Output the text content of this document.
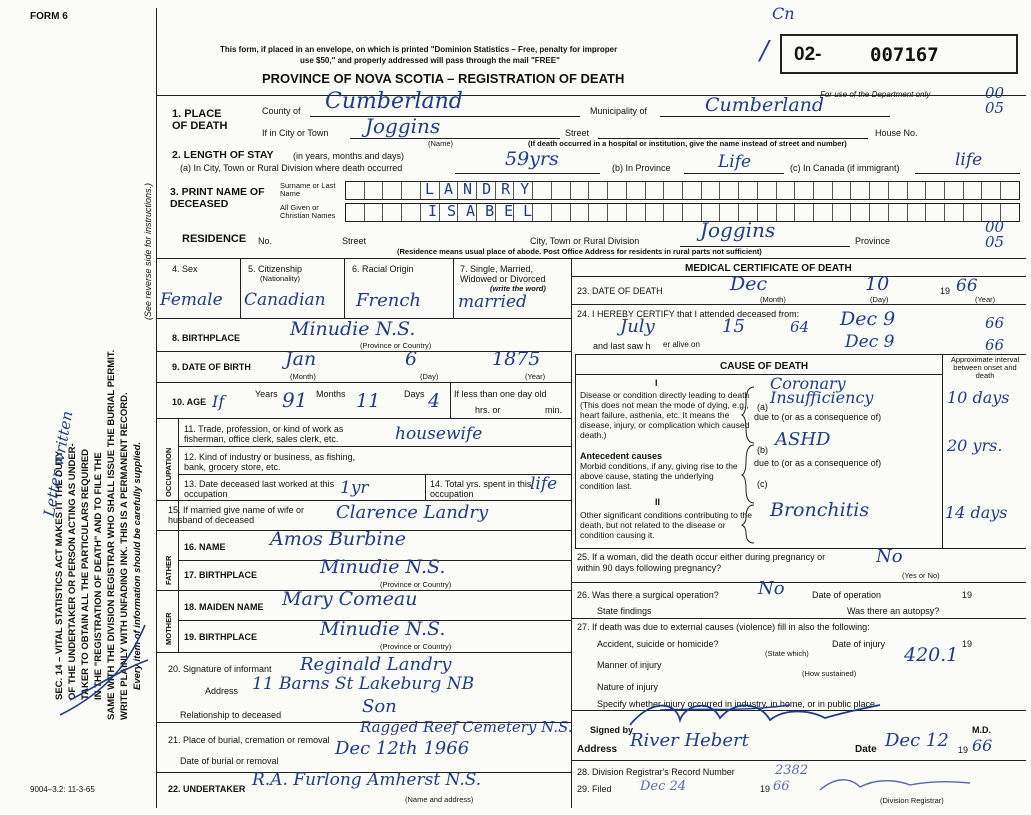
FORM 6
This form, if placed in an envelope, on which is printed "Dominion Statistics – Free, penalty for improper
use $50," and properly addressed will pass through the mail "FREE"
PROVINCE OF NOVA SCOTIA – REGISTRATION OF DEATH
Cn
/ 02-	007167
For use of the Department only	00 05
SEC. 14 – VITAL STATISTICS ACT MAKES IT THE DUTY OF THE UNDERTAKER OR PERSON ACTING AS UNDER- TAKER TO OBTAIN ALL THE PARTICULARS REQUIRED IN THE "REGISTRATION OF DEATH" AND TO FILE THE SAME WITH THE DIVISION REGISTRAR WHO SHALL ISSUE THE BURIAL PERMIT. WRITE PLAINLY WITH UNFADING INK. THIS IS A PERMANENT RECORD. Every item of information should be carefully supplied.
(See reverse side for instructions.)
Letter written
9004–3.2: 11-3-65
1. PLACE OF DEATH
County of Cumberland	Municipality of	Cumberland
If in City or Town Joggins
(Name)
Street	House No.
(If death occurred in a hospital or institution, give the name instead of street and number)
2. LENGTH OF STAY (in years, months and days)
(a) In City, Town or Rural Division where death occurred	59yrs	(b) In Province	Life	(c) In Canada (if immigrant)	life
3. PRINT NAME OF DECEASED
Surname or Last Name	LANDRY
All Given or Christian Names	ISABEL
RESIDENCE No.	Street	City, Town or Rural Division	Joggins	Province
00 05
(Residence means usual place of abode. Post Office Address for residents in rural parts not sufficient)
4. Sex
Female
5. Citizenship
(Nationality)
Canadian
6. Racial Origin
French
7. Single, Married, Widowed or Divorced
(write the word)
married
8. BIRTHPLACE	Minudie N.S.
(Province or Country)
9. DATE OF BIRTH Jan	6	1875
(Month)	(Day)	(Year)
10. AGE If	Years 91 Months 11	Days 4 If less than one day old
hrs. or	min.
OCCUPATION
11. Trade, profession, or kind of work as fisherman, office clerk, sales clerk, etc.	housewife
12. Kind of industry or business, as fishing, bank, grocery store, etc.
13. Date deceased last worked at this occupation	1yr	14. Total yrs. spent in this occupation	life
15. If married give name of wife or husband of deceased	Clarence Landry
FATHER
16. NAME Amos Burbine
17. BIRTHPLACE	Minudie N.S.
(Province or Country)
MOTHER
18. MAIDEN NAME Mary Comeau
19. BIRTHPLACE	Minudie N.S.
(Province or Country)
20. Signature of informant Reginald Landry
Address 11 Barns St Lakeburg NB
Relationship to deceased	Son
21. Place of burial, cremation or removal
Ragged Reef Cemetery N.S.
Date of burial or removal
Dec 12th 1966
22. UNDERTAKER R.A. Furlong Amherst N.S.
(Name and address)
MEDICAL CERTIFICATE OF DEATH
23. DATE OF DEATH	Dec	10	19 66
(Month)	(Day)	(Year)
24. I HEREBY CERTIFY that I attended deceased from:
July	15	64 Dec 9	66
and last saw h er alive on	Dec 9	66
CAUSE OF DEATH
Approximate interval between onset and death
I
Disease or condition directly leading to death (This does not mean the mode of dying, e.g., heart failure, asthenia, etc. It means the disease, injury, or complication which caused death.)
(a)
Coronary Insufficiency
due to (or as a consequence of)
10 days
Antecedent causes
Morbid conditions, if any, giving rise to the above cause, stating the underlying condition last.
(b) ASHD
due to (or as a consequence of)
20 yrs.
(c)
II
Other significant conditions contributing to the death, but not related to the disease or condition causing it.
Bronchitis	14 days
25. If a woman, did the death occur either during pregnancy or within 90 days following pregnancy?
No
(Yes or No)
26. Was there a surgical operation? No	Date of operation	19
State findings	Was there an autopsy?
27. If death was due to external causes (violence) fill in also the following:
Accident, suicide or homicide?	Date of injury	19
(State which)
Manner of injury	420.1
(How sustained)
Nature of injury
Specify whether injury occurred in industry, in home, or in public place
Signed by	M.D.
Address River Hebert	Date Dec 12 19 66
28. Division Registrar's Record Number	2382
29. Filed Dec 24	19 66
(Division Registrar)
